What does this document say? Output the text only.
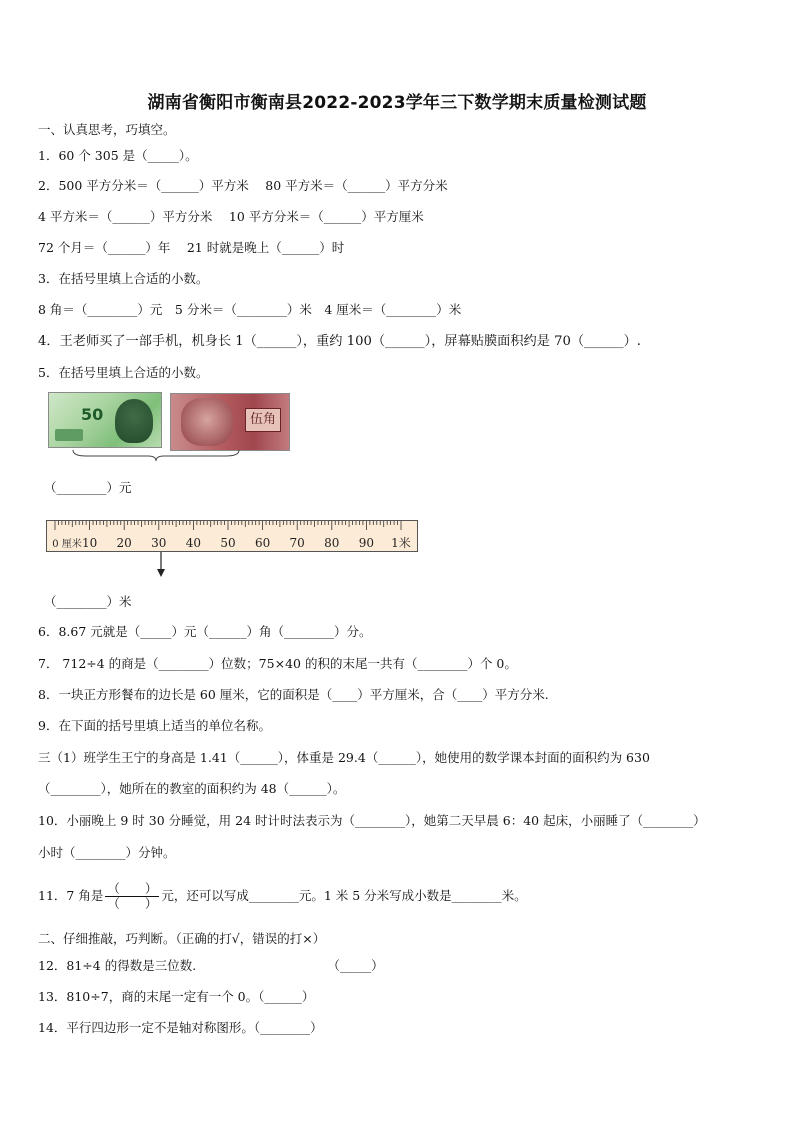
湖南省衡阳市衡南县2022-2023学年三下数学期末质量检测试题
一、认真思考，巧填空。
1．60 个 305 是（_____）。
2．500 平方分米＝（______）平方米　 80 平方米＝（______）平方分米
4 平方米＝（______）平方分米　 10 平方分米＝（______）平方厘米
72 个月＝（______）年　 21 时就是晚上（______）时
3．在括号里填上合适的小数。
8 角＝（________）元　5 分米＝（________）米　4 厘米＝（________）米
4．王老师买了一部手机，机身长 1（______），重约 100（______），屏幕贴膜面积约是 70（______）.
5．在括号里填上合适的小数。
50	伍角
（________）元
0 厘米 10 20 30 40 50 60 70 80 90 1米
（________）米
6．8.67 元就是（_____）元（______）角（________）分。
7． 712÷4 的商是（________）位数；75×40 的积的末尾一共有（________）个 0。
8．一块正方形餐布的边长是 60 厘米，它的面积是（____）平方厘米，合（____）平方分米.
9．在下面的括号里填上适当的单位名称。
三（1）班学生王宁的身高是 1.41（______），体重是 29.4（______），她使用的数学课本封面的面积约为 630
（________），她所在的教室的面积约为 48（______）。
10．小丽晚上 9 时 30 分睡觉，用 24 时计时法表示为（________），她第二天早晨 6：40 起床，小丽睡了（________）
小时（________）分钟。
11．7 角是 $\frac{( )}{( )}$ 元，还可以写成________元。1 米 5 分米写成小数是________米。
二、仔细推敲，巧判断。（正确的打√，错误的打×）
12．81÷4 的得数是三位数.　　　　　　　　　　　（_____）
13．810÷7，商的末尾一定有一个 0。（______）
14．平行四边形一定不是轴对称图形。（________）
